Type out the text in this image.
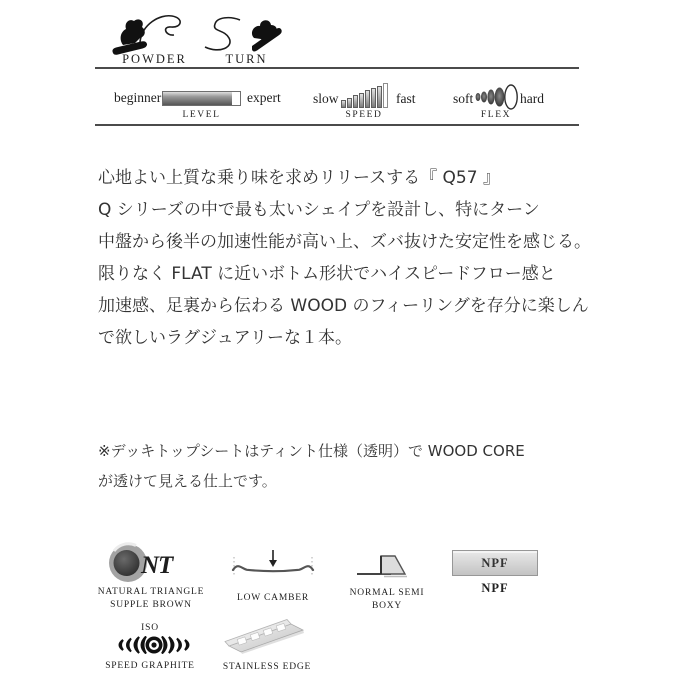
POWDER	TURN
beginner	expert
LEVEL
slow	fast
SPEED
soft	hard
FLEX
心地よい上質な乗り味を求めリリースする『 Q57 』
Q シリーズの中で最も太いシェイプを設計し、特にターン
中盤から後半の加速性能が高い上、ズバ抜けた安定性を感じる。
限りなく FLAT に近いボトム形状でハイスピードフロー感と
加速感、足裏から伝わる WOOD のフィーリングを存分に楽しん
で欲しいラグジュアリーな１本。
※デッキトップシートはティント仕様（透明）で WOOD CORE
が透けて見える仕上です。
NT
NATURAL TRIANGLE
SUPPLE BROWN
LOW CAMBER	NORMAL SEMI BOXY
NPF
NPF
ISO
SPEED GRAPHITE	STAINLESS EDGE
